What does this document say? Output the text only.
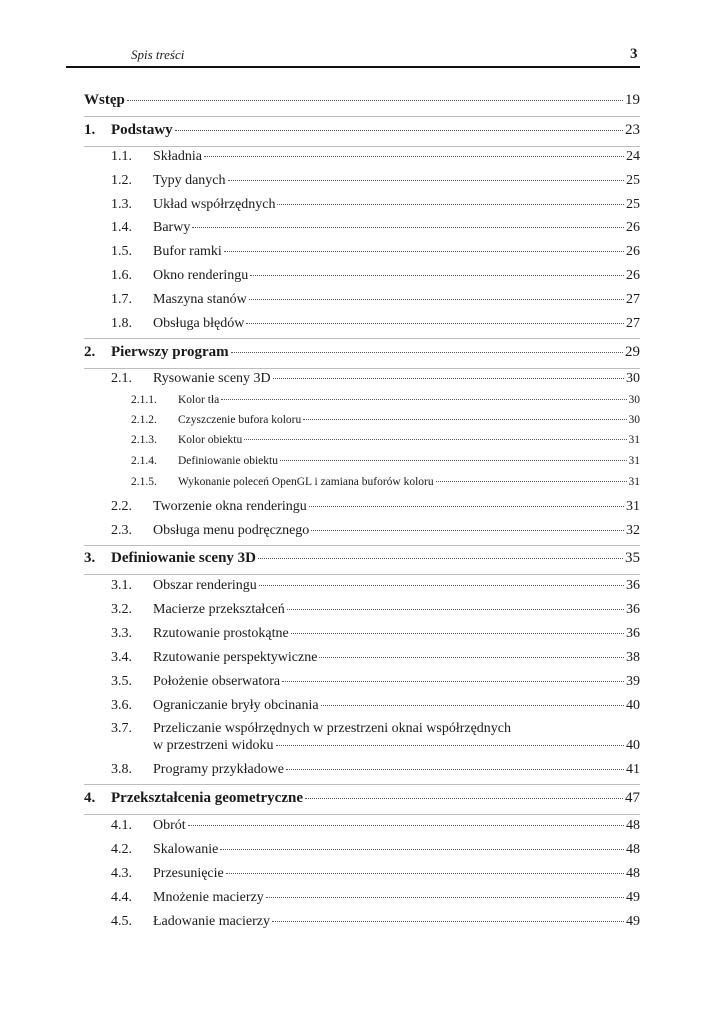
Spis treści	3
Wstęp	19
1.	Podstawy	23
1.1.	Składnia	24
1.2.	Typy danych	25
1.3.	Układ współrzędnych	25
1.4.	Barwy	26
1.5.	Bufor ramki	26
1.6.	Okno renderingu	26
1.7.	Maszyna stanów	27
1.8.	Obsługa błędów	27
2.	Pierwszy program	29
2.1.	Rysowanie sceny 3D	30
2.1.1.	Kolor tła	30
2.1.2.	Czyszczenie bufora koloru	30
2.1.3.	Kolor obiektu	31
2.1.4.	Definiowanie obiektu	31
2.1.5.	Wykonanie poleceń OpenGL i zamiana buforów koloru	31
2.2.	Tworzenie okna renderingu	31
2.3.	Obsługa menu podręcznego	32
3.	Definiowanie sceny 3D	35
3.1.	Obszar renderingu	36
3.2.	Macierze przekształceń	36
3.3.	Rzutowanie prostokątne	36
3.4.	Rzutowanie perspektywiczne	38
3.5.	Położenie obserwatora	39
3.6.	Ograniczanie bryły obcinania	40
3.7.	Przeliczanie współrzędnych w przestrzeni oknai współrzędnych
w przestrzeni widoku	40
3.8.	Programy przykładowe	41
4.	Przekształcenia geometryczne	47
4.1.	Obrót	48
4.2.	Skalowanie	48
4.3.	Przesunięcie	48
4.4.	Mnożenie macierzy	49
4.5.	Ładowanie macierzy	49
